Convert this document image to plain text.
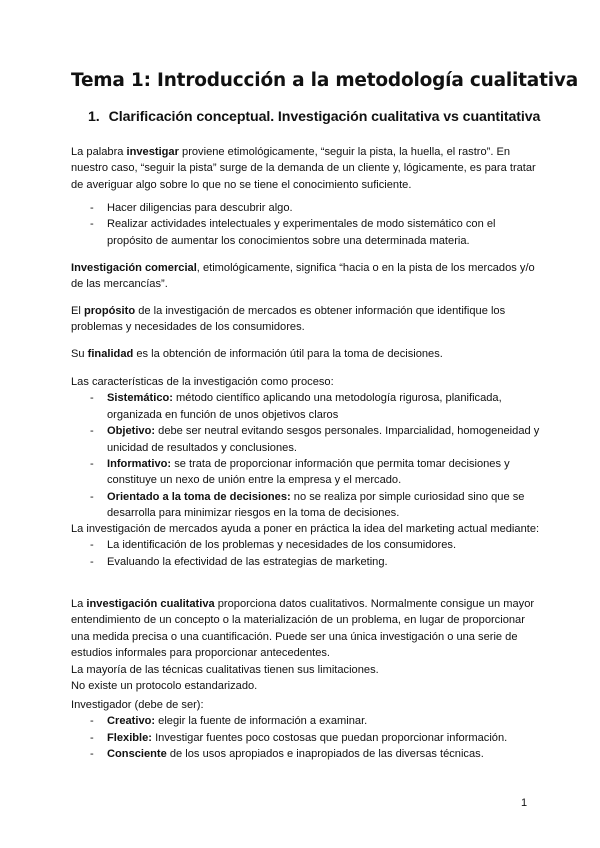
Tema 1: Introducción a la metodología cualitativa
1. Clarificación conceptual. Investigación cualitativa vs cuantitativa

La palabra investigar proviene etimológicamente, “seguir la pista, la huella, el rastro”. En nuestro caso, “seguir la pista” surge de la demanda de un cliente y, lógicamente, es para tratar de averiguar algo sobre lo que no se tiene el conocimiento suficiente.

- Hacer diligencias para descubrir algo.
- Realizar actividades intelectuales y experimentales de modo sistemático con el propósito de aumentar los conocimientos sobre una determinada materia.

Investigación comercial, etimológicamente, significa “hacia o en la pista de los mercados y/o de las mercancías”.

El propósito de la investigación de mercados es obtener información que identifique los problemas y necesidades de los consumidores.

Su finalidad es la obtención de información útil para la toma de decisiones.

Las características de la investigación como proceso:

- Sistemático: método científico aplicando una metodología rigurosa, planificada, organizada en función de unos objetivos claros
- Objetivo: debe ser neutral evitando sesgos personales. Imparcialidad, homogeneidad y unicidad de resultados y conclusiones.
- Informativo: se trata de proporcionar información que permita tomar decisiones y constituye un nexo de unión entre la empresa y el mercado.
- Orientado a la toma de decisiones: no se realiza por simple curiosidad sino que se desarrolla para minimizar riesgos en la toma de decisiones.

La investigación de mercados ayuda a poner en práctica la idea del marketing actual mediante:

- La identificación de los problemas y necesidades de los consumidores.
- Evaluando la efectividad de las estrategias de marketing.

La investigación cualitativa proporciona datos cualitativos. Normalmente consigue un mayor entendimiento de un concepto o la materialización de un problema, en lugar de proporcionar una medida precisa o una cuantificación. Puede ser una única investigación o una serie de estudios informales para proporcionar antecedentes.

La mayoría de las técnicas cualitativas tienen sus limitaciones.

No existe un protocolo estandarizado.

Investigador (debe de ser):

- Creativo: elegir la fuente de información a examinar.
- Flexible: Investigar fuentes poco costosas que puedan proporcionar información.
- Consciente de los usos apropiados e inapropiados de las diversas técnicas.
1
